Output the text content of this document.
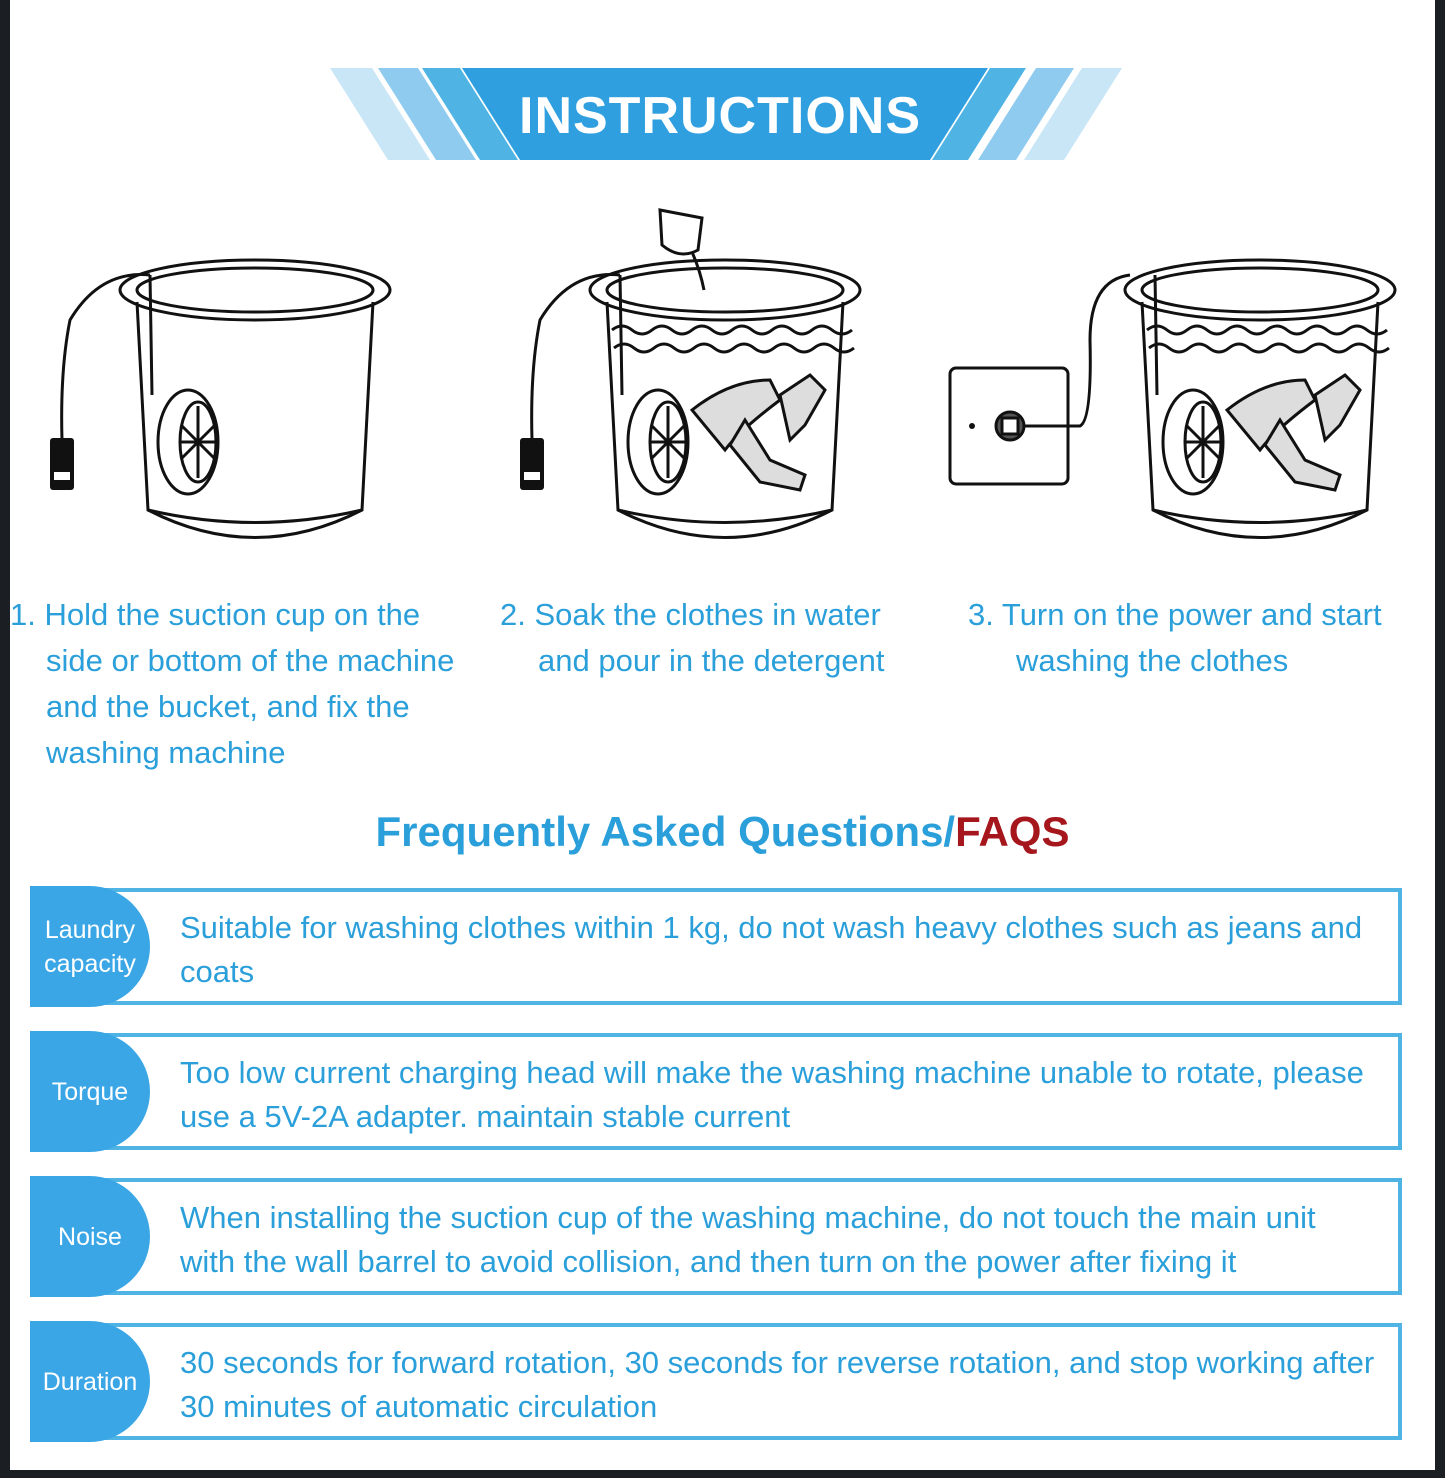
INSTRUCTIONS

1. Hold the suction cup on the

side or bottom of the machine

and the bucket, and fix the

washing machine

2. Soak the clothes in water

and pour in the detergent

3. Turn on the power and start

washing the clothes

Frequently Asked Questions/FAQS
Laundry
capacity
Suitable for washing clothes within 1 kg, do not wash heavy clothes such as jeans and coats
Torque
Too low current charging head will make the washing machine unable to rotate, please use a 5V-2A adapter. maintain stable current
Noise
When installing the suction cup of the washing machine, do not touch the main unit with the wall barrel to avoid collision, and then turn on the power after fixing it
Duration
30 seconds for forward rotation, 30 seconds for reverse rotation, and stop working after 30 minutes of automatic circulation
